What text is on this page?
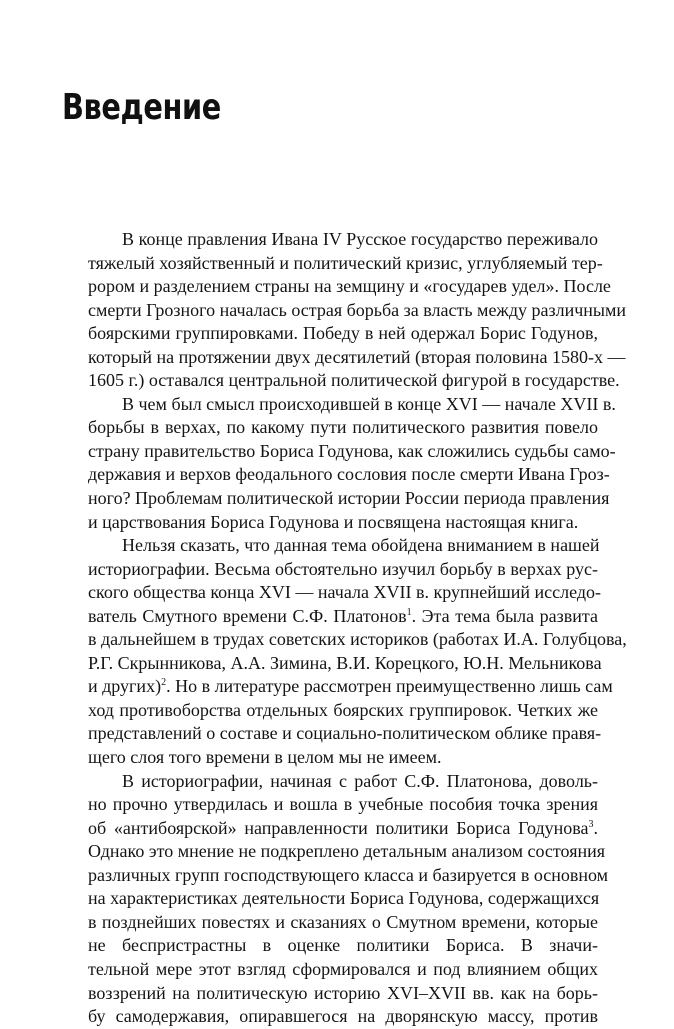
Введение
В конце правления Ивана IV Русское государство переживало
тяжелый хозяйственный и политический кризис, углубляемый тер-
рором и разделением страны на земщину и «государев удел». После
смерти Грозного началась острая борьба за власть между различными
боярскими группировками. Победу в ней одержал Борис Годунов,
который на протяжении двух десятилетий (вторая половина 1580-х —
1605 г.) оставался центральной политической фигурой в государстве.
В чем был смысл происходившей в конце XVI — начале XVII в.
борьбы в верхах, по какому пути политического развития повело
страну правительство Бориса Годунова, как сложились судьбы само-
державия и верхов феодального сословия после смерти Ивана Гроз-
ного? Проблемам политической истории России периода правления
и царствования Бориса Годунова и посвящена настоящая книга.
Нельзя сказать, что данная тема обойдена вниманием в нашей
историографии. Весьма обстоятельно изучил борьбу в верхах рус-
ского общества конца XVI — начала XVII в. крупнейший исследо-
ватель Смутного времени С.Ф. Платонов$^1$. Эта тема была развита
в дальнейшем в трудах советских историков (работах И.А. Голубцова,
Р.Г. Скрынникова, А.А. Зимина, В.И. Корецкого, Ю.Н. Мельникова
и других)$^2$. Но в литературе рассмотрен преимущественно лишь сам
ход противоборства отдельных боярских группировок. Четких же
представлений о составе и социально-политическом облике правя-
щего слоя того времени в целом мы не имеем.
В историографии, начиная с работ С.Ф. Платонова, доволь-
но прочно утвердилась и вошла в учебные пособия точка зрения
об «антибоярской» направленности политики Бориса Годунова$^3$.
Однако это мнение не подкреплено детальным анализом состояния
различных групп господствующего класса и базируется в основном
на характеристиках деятельности Бориса Годунова, содержащихся
в позднейших повестях и сказаниях о Смутном времени, которые
не беспристрастны в оценке политики Бориса. В значи-
тельной мере этот взгляд сформировался и под влиянием общих
воззрений на политическую историю XVI–XVII вв. как на борь-
бу самодержавия, опиравшегося на дворянскую массу, против
